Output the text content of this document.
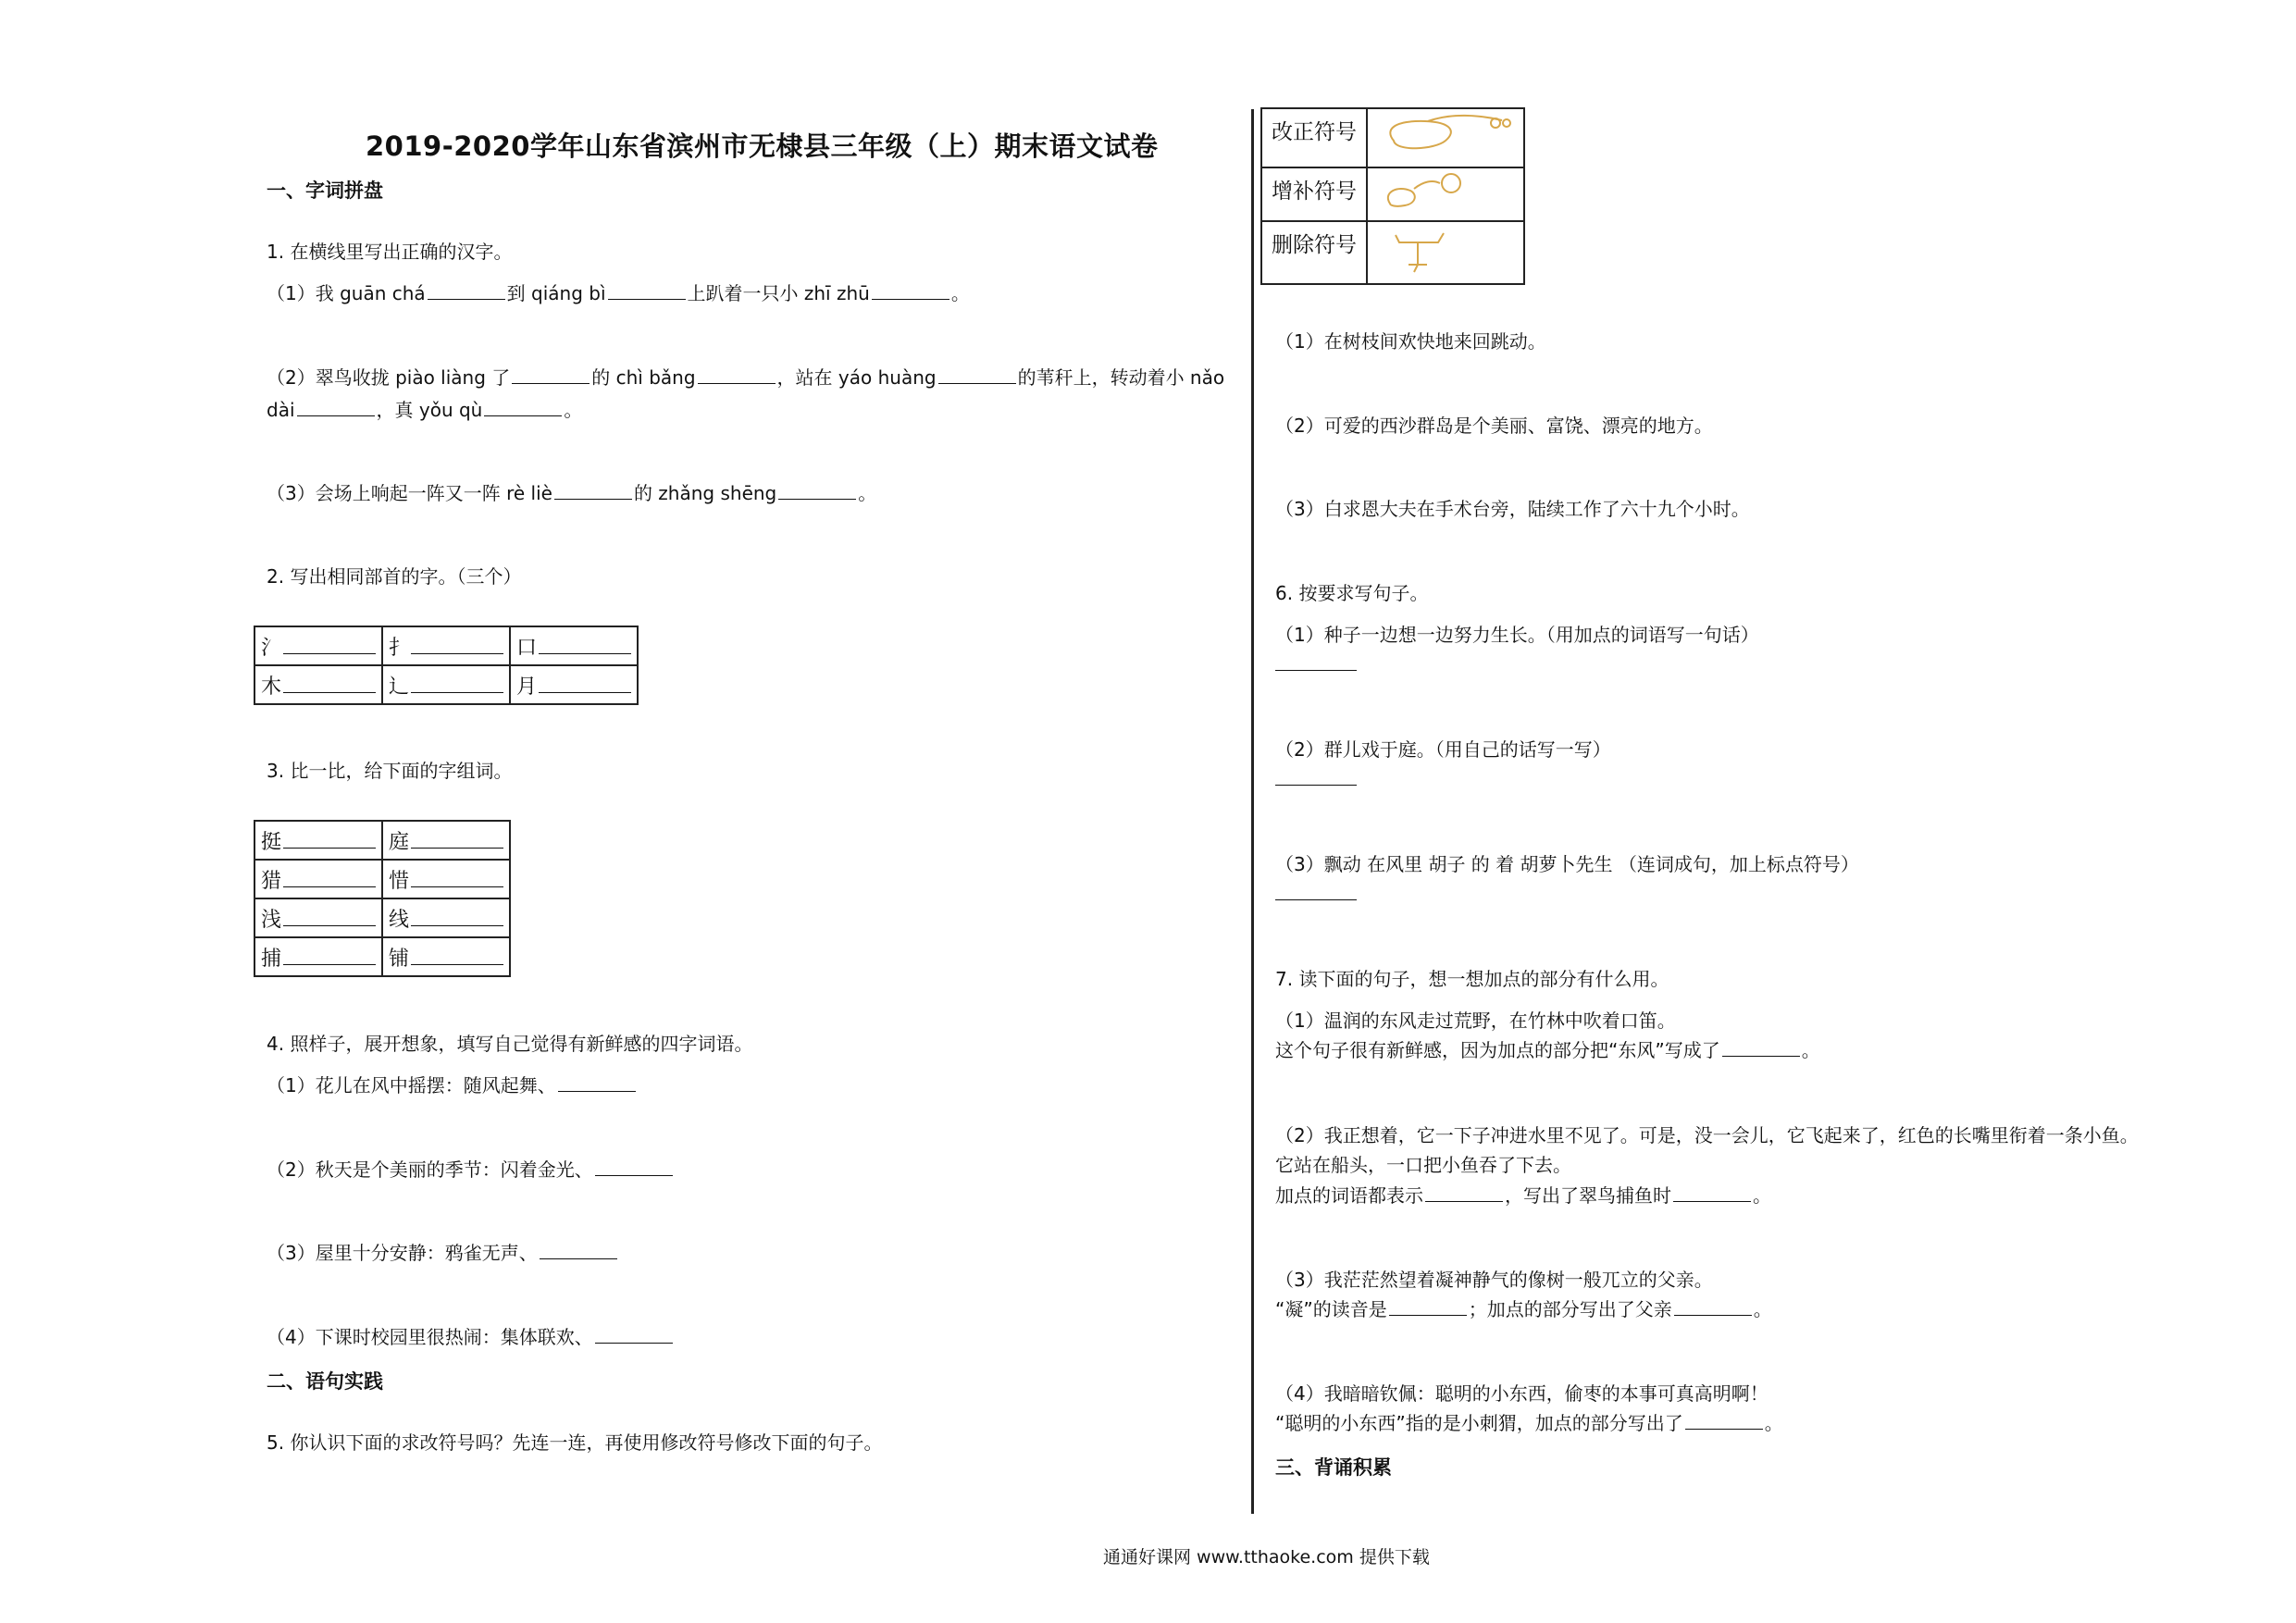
2019-2020学年山东省滨州市无棣县三年级（上）期末语文试卷
一、字词拼盘
1. 在横线里写出正确的汉字。
（1）我 guān chá	到 qiáng bì	上趴着一只小 zhī zhū	。
（2）翠鸟收拢 piào liàng 了	的 chì bǎng	，站在 yáo huàng	的苇秆上，转动着小 nǎo
dài	，真 yǒu qù	。
（3）会场上响起一阵又一阵 rè liè	的 zhǎng shēng	。
2. 写出相同部首的字。（三个）
氵	扌	口
木	辶	月
3. 比一比，给下面的字组词。
挺	庭
猎	惜
浅	线
捕	铺
4. 照样子，展开想象，填写自己觉得有新鲜感的四字词语。
（1）花儿在风中摇摆：随风起舞、
（2）秋天是个美丽的季节：闪着金光、
（3）屋里十分安静：鸦雀无声、
（4）下课时校园里很热闹：集体联欢、
二、语句实践
5. 你认识下面的求改符号吗？先连一连，再使用修改符号修改下面的句子。
改正符号	
增补符号	
删除符号	
（1）在树枝间欢快地来回跳动。
（2）可爱的西沙群岛是个美丽、富饶、漂亮的地方。
（3）白求恩大夫在手术台旁，陆续工作了六十九个小时。
6. 按要求写句子。
（1）种子一边想一边努力生长。（用加点的词语写一句话）
（2）群儿戏于庭。（用自己的话写一写）
（3）飘动 在风里 胡子 的 着 胡萝卜先生 （连词成句，加上标点符号）
7. 读下面的句子，想一想加点的部分有什么用。
（1）温润的东风走过荒野，在竹林中吹着口笛。
这个句子很有新鲜感，因为加点的部分把“东风”写成了	。
（2）我正想着，它一下子冲进水里不见了。可是，没一会儿，它飞起来了，红色的长嘴里衔着一条小鱼。
它站在船头，一口把小鱼吞了下去。
加点的词语都表示	，写出了翠鸟捕鱼时	。
（3）我茫茫然望着凝神静气的像树一般兀立的父亲。
“凝”的读音是	；加点的部分写出了父亲	。
（4）我暗暗钦佩：聪明的小东西，偷枣的本事可真高明啊！
“聪明的小东西”指的是小刺猬，加点的部分写出了	。
三、背诵积累
通通好课网 www.tthaoke.com 提供下载
